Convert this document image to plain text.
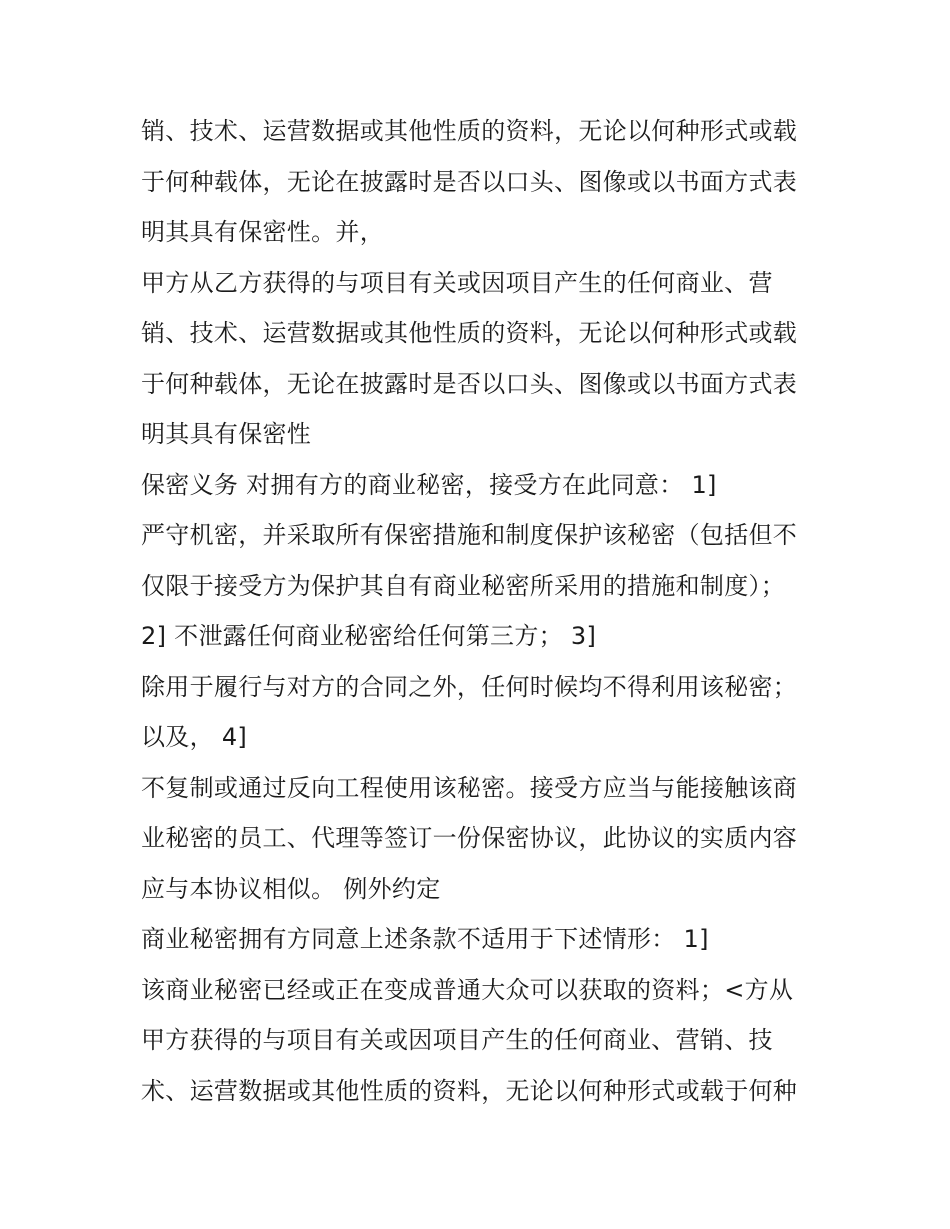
销、技术、运营数据或其他性质的资料，无论以何种形式或载
于何种载体，无论在披露时是否以口头、图像或以书面方式表
明其具有保密性。并，
甲方从乙方获得的与项目有关或因项目产生的任何商业、营
销、技术、运营数据或其他性质的资料，无论以何种形式或载
于何种载体，无论在披露时是否以口头、图像或以书面方式表
明其具有保密性
保密义务 对拥有方的商业秘密，接受方在此同意： 1]
严守机密，并采取所有保密措施和制度保护该秘密（包括但不
仅限于接受方为保护其自有商业秘密所采用的措施和制度）；
2] 不泄露任何商业秘密给任何第三方； 3]
除用于履行与对方的合同之外，任何时候均不得利用该秘密；
以及， 4]
不复制或通过反向工程使用该秘密。接受方应当与能接触该商
业秘密的员工、代理等签订一份保密协议，此协议的实质内容
应与本协议相似。 例外约定
商业秘密拥有方同意上述条款不适用于下述情形： 1]
该商业秘密已经或正在变成普通大众可以获取的资料；<方从
甲方获得的与项目有关或因项目产生的任何商业、营销、技
术、运营数据或其他性质的资料，无论以何种形式或载于何种
